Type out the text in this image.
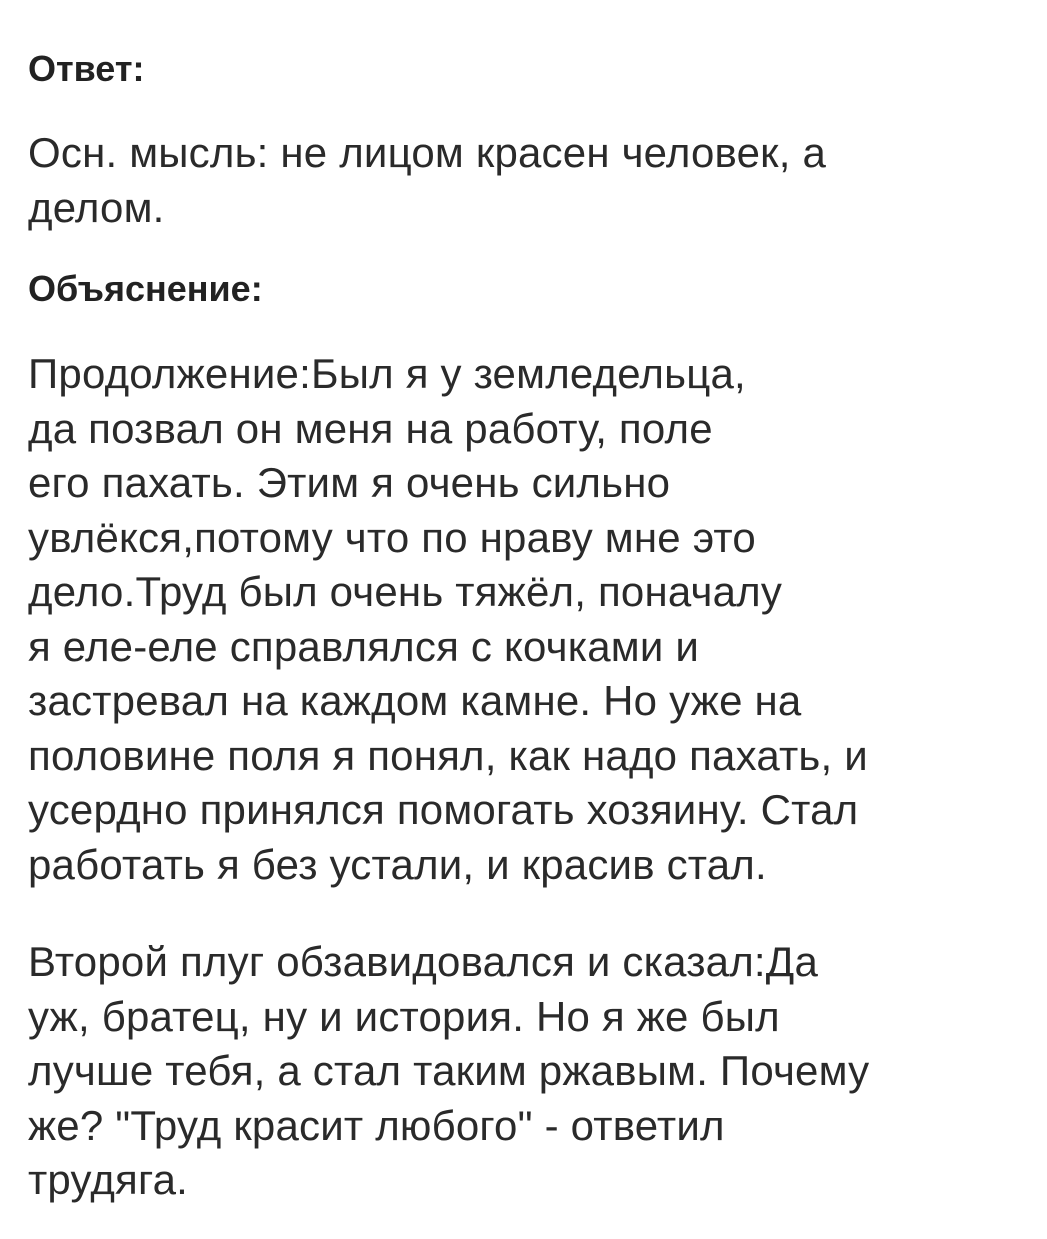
Ответ:

Осн. мысль: не лицом красен человек, а
делом.

Объяснение:

Продолжение:Был я у земледельца,
да позвал он меня на работу, поле
его пахать. Этим я очень сильно
увлёкся,потому что по нраву мне это
дело.Труд был очень тяжёл, поначалу
я еле-еле справлялся с кочками и
застревал на каждом камне. Но уже на
половине поля я понял, как надо пахать, и
усердно принялся помогать хозяину. Стал
работать я без устали, и красив стал.

Второй плуг обзавидовался и сказал:Да
уж, братец, ну и история. Но я же был
лучше тебя, а стал таким ржавым. Почему
же? "Труд красит любого" - ответил
трудяга.
